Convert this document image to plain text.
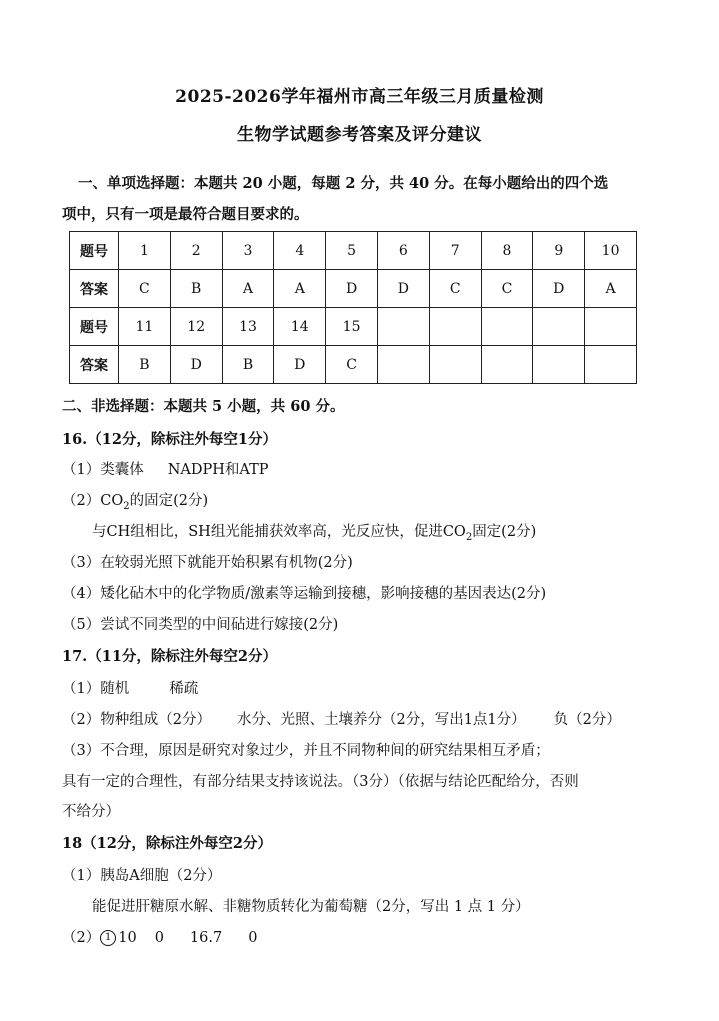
2025-2026学年福州市高三年级三月质量检测
生物学试题参考答案及评分建议
一、单项选择题：本题共 20 小题，每题 2 分，共 40 分。在每小题给出的四个选
项中，只有一项是最符合题目要求的。
题号	1	2	3	4	5	6	7	8	9	10
答案	C	B	A	A	D	D	C	C	D	A
题号	11	12	13	14	15					
答案	B	D	B	D	C					
二、非选择题：本题共 5 小题，共 60 分。
16.（12分，除标注外每空1分）
（1）类囊体 NADPH和ATP
$(2)CO_2$的固定(2分)
与CH组相比，SH组光能捕获效率高，光反应快，促进$CO_2$固定(2分)
（3）在较弱光照下就能开始积累有机物(2分)
（4）矮化砧木中的化学物质/激素等运输到接穗，影响接穗的基因表达(2分)
（5）尝试不同类型的中间砧进行嫁接(2分)
17.（11分，除标注外每空2分）
（1）随机	稀疏
（2）物种组成（2分） 水分、光照、土壤养分（2分，写出1点1分） 负（2分）
（3）不合理，原因是研究对象过少，并且不同物种间的研究结果相互矛盾；
具有一定的合理性，有部分结果支持该说法。（3分）（依据与结论匹配给分，否则
不给分）
18（12分，除标注外每空2分）
（1）胰岛A细胞（2分）
能促进肝糖原水解、非糖物质转化为葡萄糖（2分，写出 1 点 1 分）
（2） 1 10 0 16.7 0
